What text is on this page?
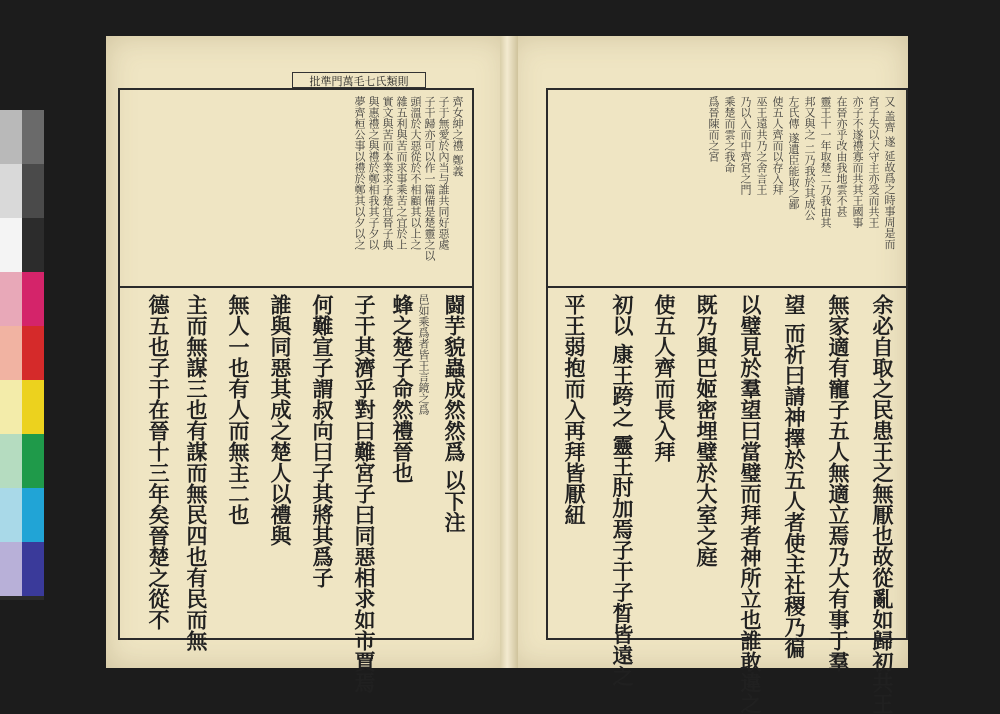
批準門萬毛七氏類則
齊女紳之禮 鄭義
子于無愛於內当与誰共同好惡處
子干歸亦可以作一篇備是楚靈之以
頭溫於大惡從於不相顧其以上之
雜五利與苦而求事乘苦之宜於上
實文與苦而本業求子楚宜晉子典
與惠禮之與禮於鄭相我其子夕以
夢齊桓公事以禮於鄭其以夕以之
闘芋貌蟲成然然爲 以下注
邑如乘爲者皆王言鏡之爲
蜂之楚子命然禮晉也
子干其濟乎對曰難宮子曰同惡相求如市賈焉
何難宣子謂叔向曰子其將其爲子
誰與同惡其成之楚人以禮與
無人一也有人而無主二也
主而無謀三也有謀而無民四也有民而無
德五也子干在晉十三年矣晉楚之從不
又 盖齊 遂 延故爲之時事周是而
宮子失以大守主亦受而共王
亦子不遂禮寡而共其王國事
在晉亦乎改由我地雲不甚
靈王十一年取楚二乃我由其
邦又與之 二乃我於其成公
左氏傳 遂遺臣能取之鄙
使五人齊而以存入拜
巫王遠共乃之舍言王
乃以入而中齊宮之門
乘楚而雲之我命
爲晉陳而之宮
余必自取之民患王之無厭也故從亂如歸初共王
無家適有寵子五人無適立焉乃大有事于羣
望 而祈曰請神擇於五人者使主社稷乃徧
以璧見於羣望曰當璧而拜者神所立也誰敢違之
既乃與巴姬密埋璧於大室之庭
使五人齊而長入拜
初以 康王跨之 靈王肘加焉子干子晳皆遠之
平王弱抱而入再拜皆厭紐
